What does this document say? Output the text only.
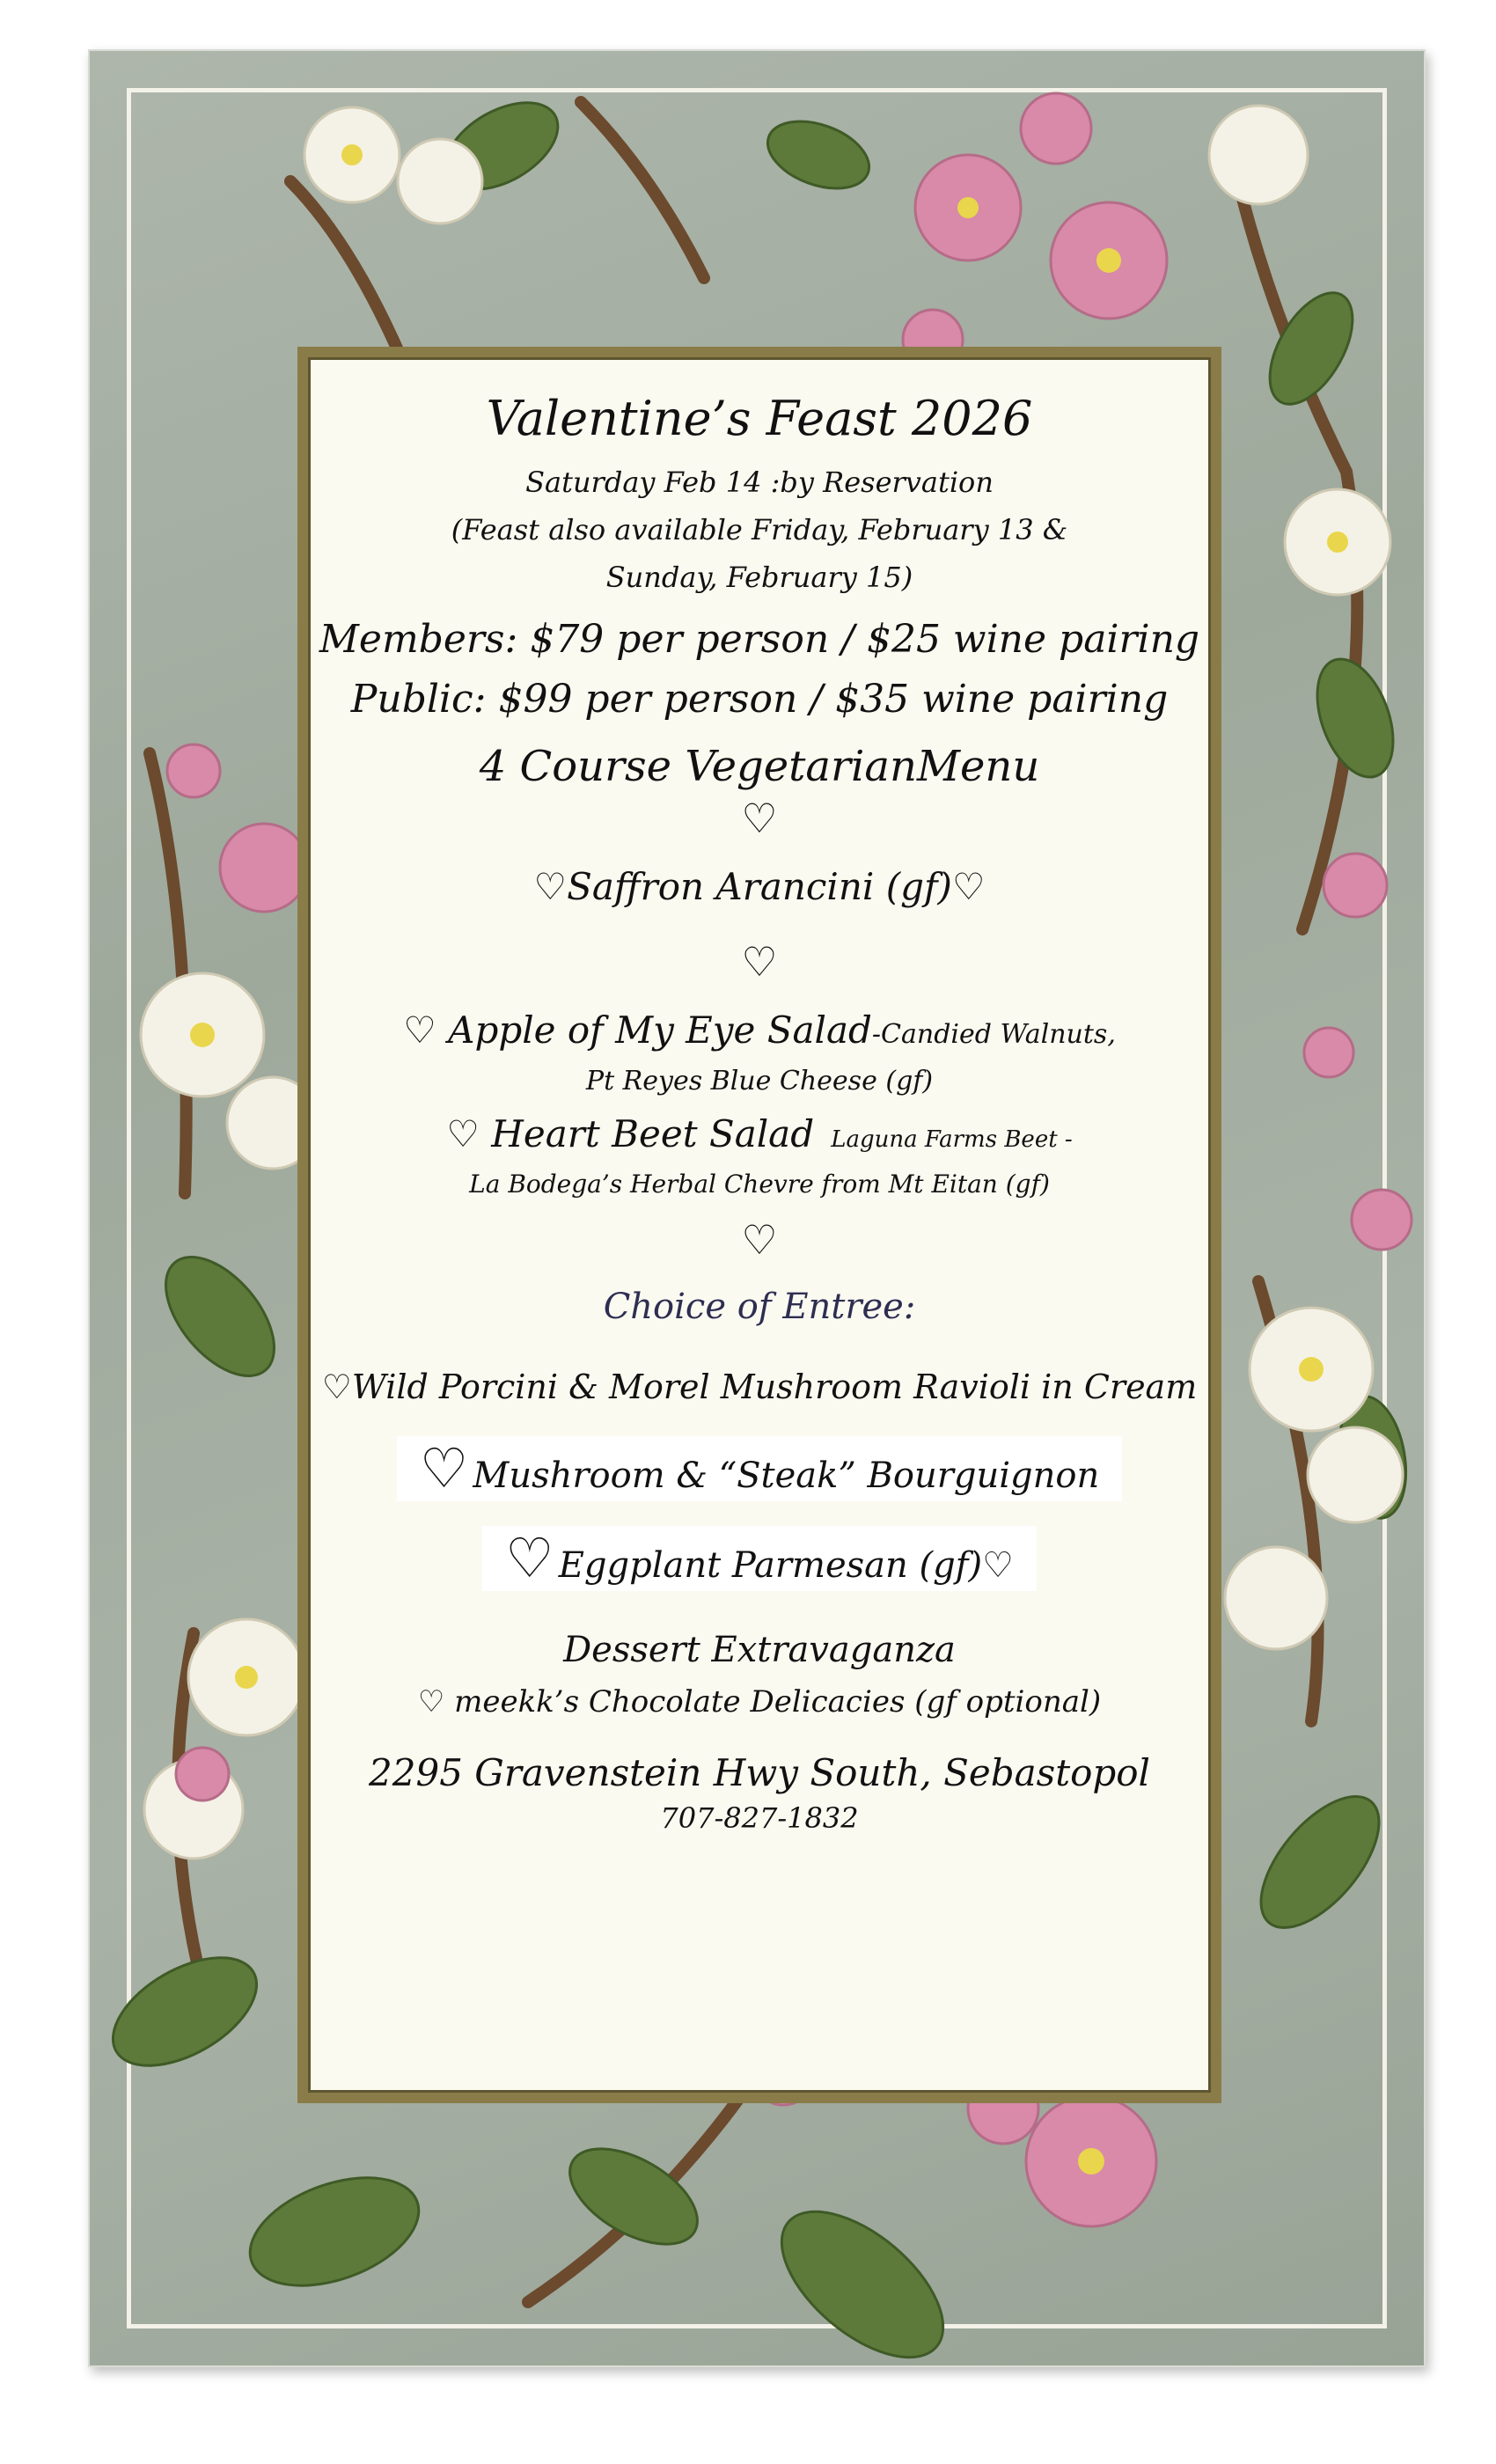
Valentine’s Feast 2026
Saturday Feb 14 :by Reservation
(Feast also available Friday, February 13 &
Sunday, February 15)
Members: $79 per person / $25 wine pairing
Public: $99 per person / $35 wine pairing
4 Course VegetarianMenu
♡
♡Saffron Arancini (gf)♡
♡
♡ Apple of My Eye Salad-Candied Walnuts,
Pt Reyes Blue Cheese (gf)
♡ Heart Beet Salad Laguna Farms Beet -
La Bodega’s Herbal Chevre from Mt Eitan (gf)
♡
Choice of Entree:
♡Wild Porcini & Morel Mushroom Ravioli in Cream
♡ Mushroom & “Steak” Bourguignon
♡ Eggplant Parmesan (gf)♡
Dessert Extravaganza
♡ meekk’s Chocolate Delicacies (gf optional)
2295 Gravenstein Hwy South, Sebastopol
707-827-1832
